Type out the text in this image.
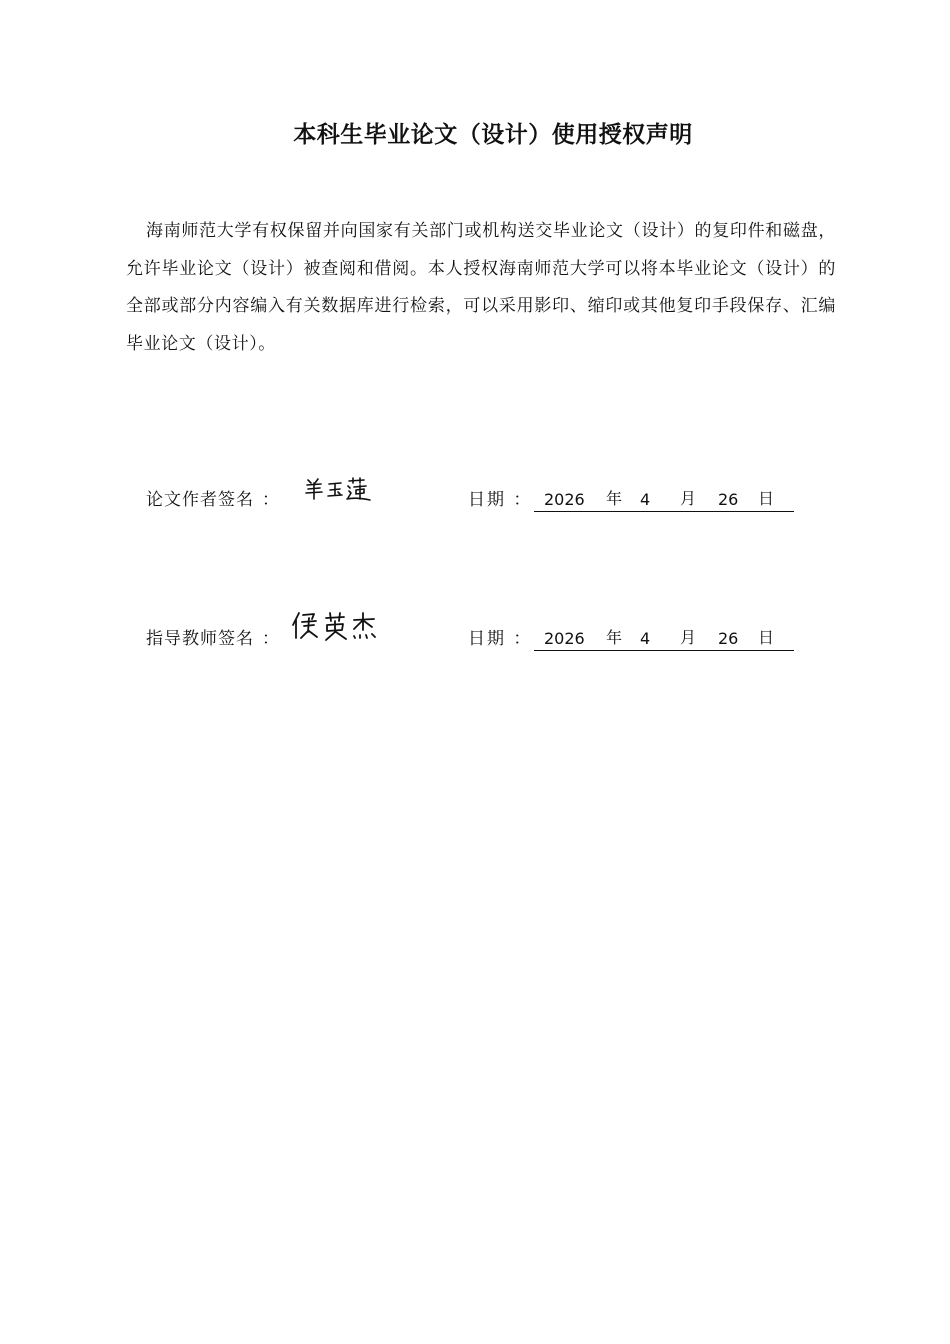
本科生毕业论文（设计）使用授权声明
海南师范大学有权保留并向国家有关部门或机构送交毕业论文（设计）的复印件和磁盘，允许毕业论文（设计）被查阅和借阅。本人授权海南师范大学可以将本毕业论文（设计）的全部或部分内容编入有关数据库进行检索，可以采用影印、缩印或其他复印手段保存、汇编毕业论文（设计）。
论文作者签名 ：	日期 ： 2026 年 4 月 26 日
指导教师签名 ：	日期 ： 2026 年 4 月 26 日
